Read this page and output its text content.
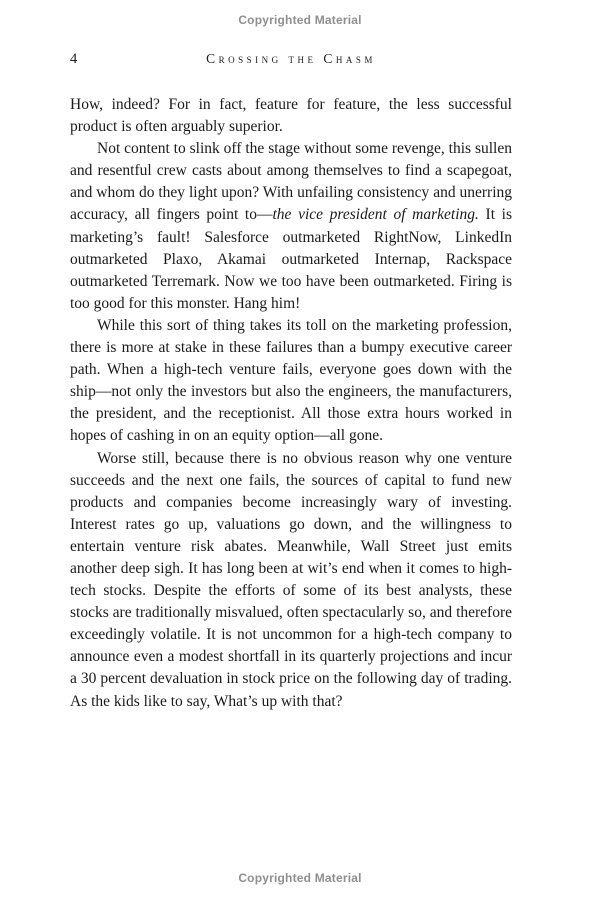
Copyrighted Material
4	Crossing the Chasm

How, indeed? For in fact, feature for feature, the less successful product is often arguably superior.

Not content to slink off the stage without some revenge, this sullen and resentful crew casts about among themselves to find a scapegoat, and whom do they light upon? With unfailing consistency and unerring accuracy, all fingers point to—the vice president of marketing. It is marketing’s fault! Salesforce outmarketed RightNow, LinkedIn outmarketed Plaxo, Akamai outmarketed Internap, Rackspace outmarketed Terremark. Now we too have been outmarketed. Firing is too good for this monster. Hang him!

While this sort of thing takes its toll on the marketing profession, there is more at stake in these failures than a bumpy executive career path. When a high-tech venture fails, everyone goes down with the ship—not only the investors but also the engineers, the manufacturers, the president, and the receptionist. All those extra hours worked in hopes of cashing in on an equity option—all gone.

Worse still, because there is no obvious reason why one venture succeeds and the next one fails, the sources of capital to fund new products and companies become increasingly wary of investing. Interest rates go up, valuations go down, and the willingness to entertain venture risk abates. Meanwhile, Wall Street just emits another deep sigh. It has long been at wit’s end when it comes to high-tech stocks. Despite the efforts of some of its best analysts, these stocks are traditionally misvalued, often spectacularly so, and therefore exceedingly volatile. It is not uncommon for a high-tech company to announce even a modest shortfall in its quarterly projections and incur a 30 percent devaluation in stock price on the following day of trading. As the kids like to say, What’s up with that?

Copyrighted Material
